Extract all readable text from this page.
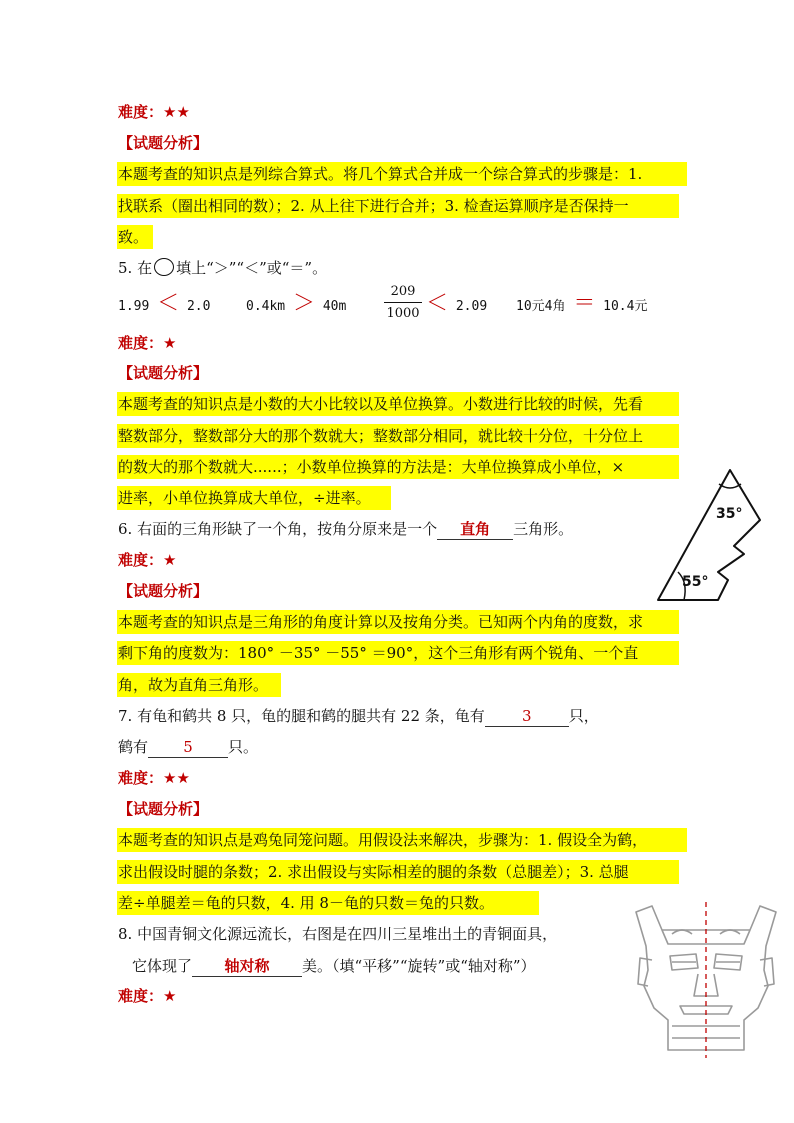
难度：★★
【试题分析】
本题考查的知识点是列综合算式。将几个算式合并成一个综合算式的步骤是：1.
找联系（圈出相同的数）；2. 从上往下进行合并；3. 检查运算顺序是否保持一
致。
5. 在 填上“＞”“＜”或“＝”。
1.99 ＜ 2.0	0.4km ＞ 40m
209
1000 ＜ 2.09 10元4角 ＝ 10.4元
难度：★
【试题分析】
本题考查的知识点是小数的大小比较以及单位换算。小数进行比较的时候，先看
整数部分，整数部分大的那个数就大；整数部分相同，就比较十分位，十分位上
的数大的那个数就大......；小数单位换算的方法是：大单位换算成小单位，×
进率，小单位换算成大单位，÷进率。
6. 右面的三角形缺了一个角，按角分原来是一个 直角 三角形。
35°
55°
难度：★
【试题分析】
本题考查的知识点是三角形的角度计算以及按角分类。已知两个内角的度数，求
剩下角的度数为：180° －35° －55° ＝90°，这个三角形有两个锐角、一个直
角，故为直角三角形。
7. 有龟和鹤共 8 只，龟的腿和鹤的腿共有 22 条，龟有 3 只，
鹤有 5 只。
难度：★★
【试题分析】
本题考查的知识点是鸡兔同笼问题。用假设法来解决，步骤为：1. 假设全为鹤，
求出假设时腿的条数；2. 求出假设与实际相差的腿的条数（总腿差）；3. 总腿
差÷单腿差＝龟的只数，4. 用 8－龟的只数＝兔的只数。
8. 中国青铜文化源远流长，右图是在四川三星堆出土的青铜面具，
它体现了 轴对称 美。（填“平移”“旋转”或“轴对称”）
难度：★
